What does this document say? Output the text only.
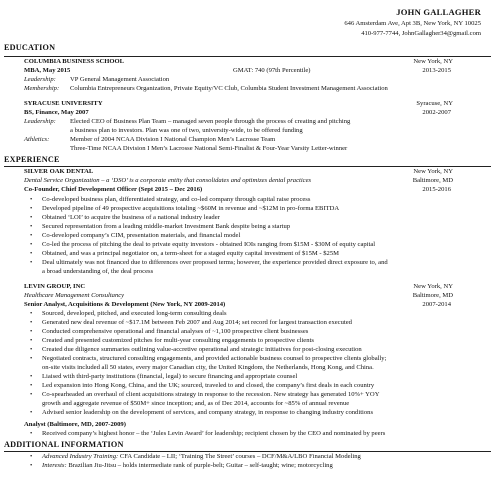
JOHN GALLAGHER
646 Amsterdam Ave, Apt 3B, New York, NY 10025
410-977-7744, JohnGallagher34@gmail.com
EDUCATION
COLUMBIA BUSINESS SCHOOL	New York, NY
MBA, May 2015	GMAT: 740 (97th Percentile)	2013-2015
Leadership: VP General Management Association
Membership: Columbia Entrepreneurs Organization, Private Equity/VC Club, Columbia Student Investment Management Association
SYRACUSE UNIVERSITY	Syracuse, NY
BS, Finance, May 2007	2002-2007
Leadership: Elected CEO of Business Plan Team – managed seven people through the process of creating and pitching
a business plan to investors. Plan was one of two, university-wide, to be offered funding
Athletics:	Member of 2004 NCAA Division I National Champion Men’s Lacrosse Team
Three-Time NCAA Division I Men’s Lacrosse National Semi-Finalist & Four-Year Varsity Letter-winner
EXPERIENCE
SILVER OAK DENTAL	New York, NY
Dental Service Organization – a ‘DSO’ is a corporate entity that consolidates and optimizes dental practices	Baltimore, MD
Co-Founder, Chief Development Officer (Sept 2015 – Dec 2016)	2015-2016
• Co-developed business plan, differentiated strategy, and co-led company through capital raise process
• Developed pipeline of 49 prospective acquisitions totaling ~$60M in revenue and ~$12M in pro-forma EBITDA
• Obtained ‘LOI’ to acquire the business of a national industry leader
• Secured representation from a leading middle-market Investment Bank despite being a startup
• Co-developed company’s CIM, presentation materials, and financial model
• Co-led the process of pitching the deal to private equity investors - obtained IOIs ranging from $15M - $30M of equity capital
• Obtained, and was a principal negotiator on, a term-sheet for a staged equity capital investment of $15M - $25M
• Deal ultimately was not financed due to differences over proposed terms; however, the experience provided direct exposure to, and
a broad understanding of, the deal process
LEVIN GROUP, INC	New York, NY
Healthcare Management Consultancy	Baltimore, MD
Senior Analyst, Acquisitions & Development (New York, NY 2009-2014)	2007-2014
• Sourced, developed, pitched, and executed long-term consulting deals
• Generated new deal revenue of ~$17.1M between Feb 2007 and Aug 2014; set record for largest transaction executed
• Conducted comprehensive operational and financial analyses of ~1,100 prospective client businesses
• Created and presented customized pitches for multi-year consulting engagements to prospective clients
• Created due diligence summaries outlining value-accretive operational and strategic initiatives for post-closing execution
• Negotiated contracts, structured consulting engagements, and provided actionable business counsel to prospective clients globally;
on-site visits included all 50 states, every major Canadian city, the United Kingdom, the Netherlands, Hong Kong, and China.
• Liaised with third-party institutions (financial, legal) to secure financing and appropriate counsel
• Led expansion into Hong Kong, China, and the UK; sourced, traveled to and closed, the company’s first deals in each country
• Co-spearheaded an overhaul of client acquisitions strategy in response to the recession. New strategy has generated 10%+ YOY
growth and aggregate revenue of $50M+ since inception; and, as of Dec 2014, accounts for ~85% of annual revenue
• Advised senior leadership on the development of services, and company strategy, in response to changing industry conditions
Analyst (Baltimore, MD, 2007-2009)
• Received company’s highest honor – the ‘Jules Levin Award’ for leadership; recipient chosen by the CEO and nominated by peers
ADDITIONAL INFORMATION
• Advanced Industry Training: CFA Candidate – LII; ‘Training The Street’ courses – DCF/M&A/LBO Financial Modeling
• Interests: Brazilian Jiu-Jitsu – holds intermediate rank of purple-belt; Guitar – self-taught; wine; motorcycling
